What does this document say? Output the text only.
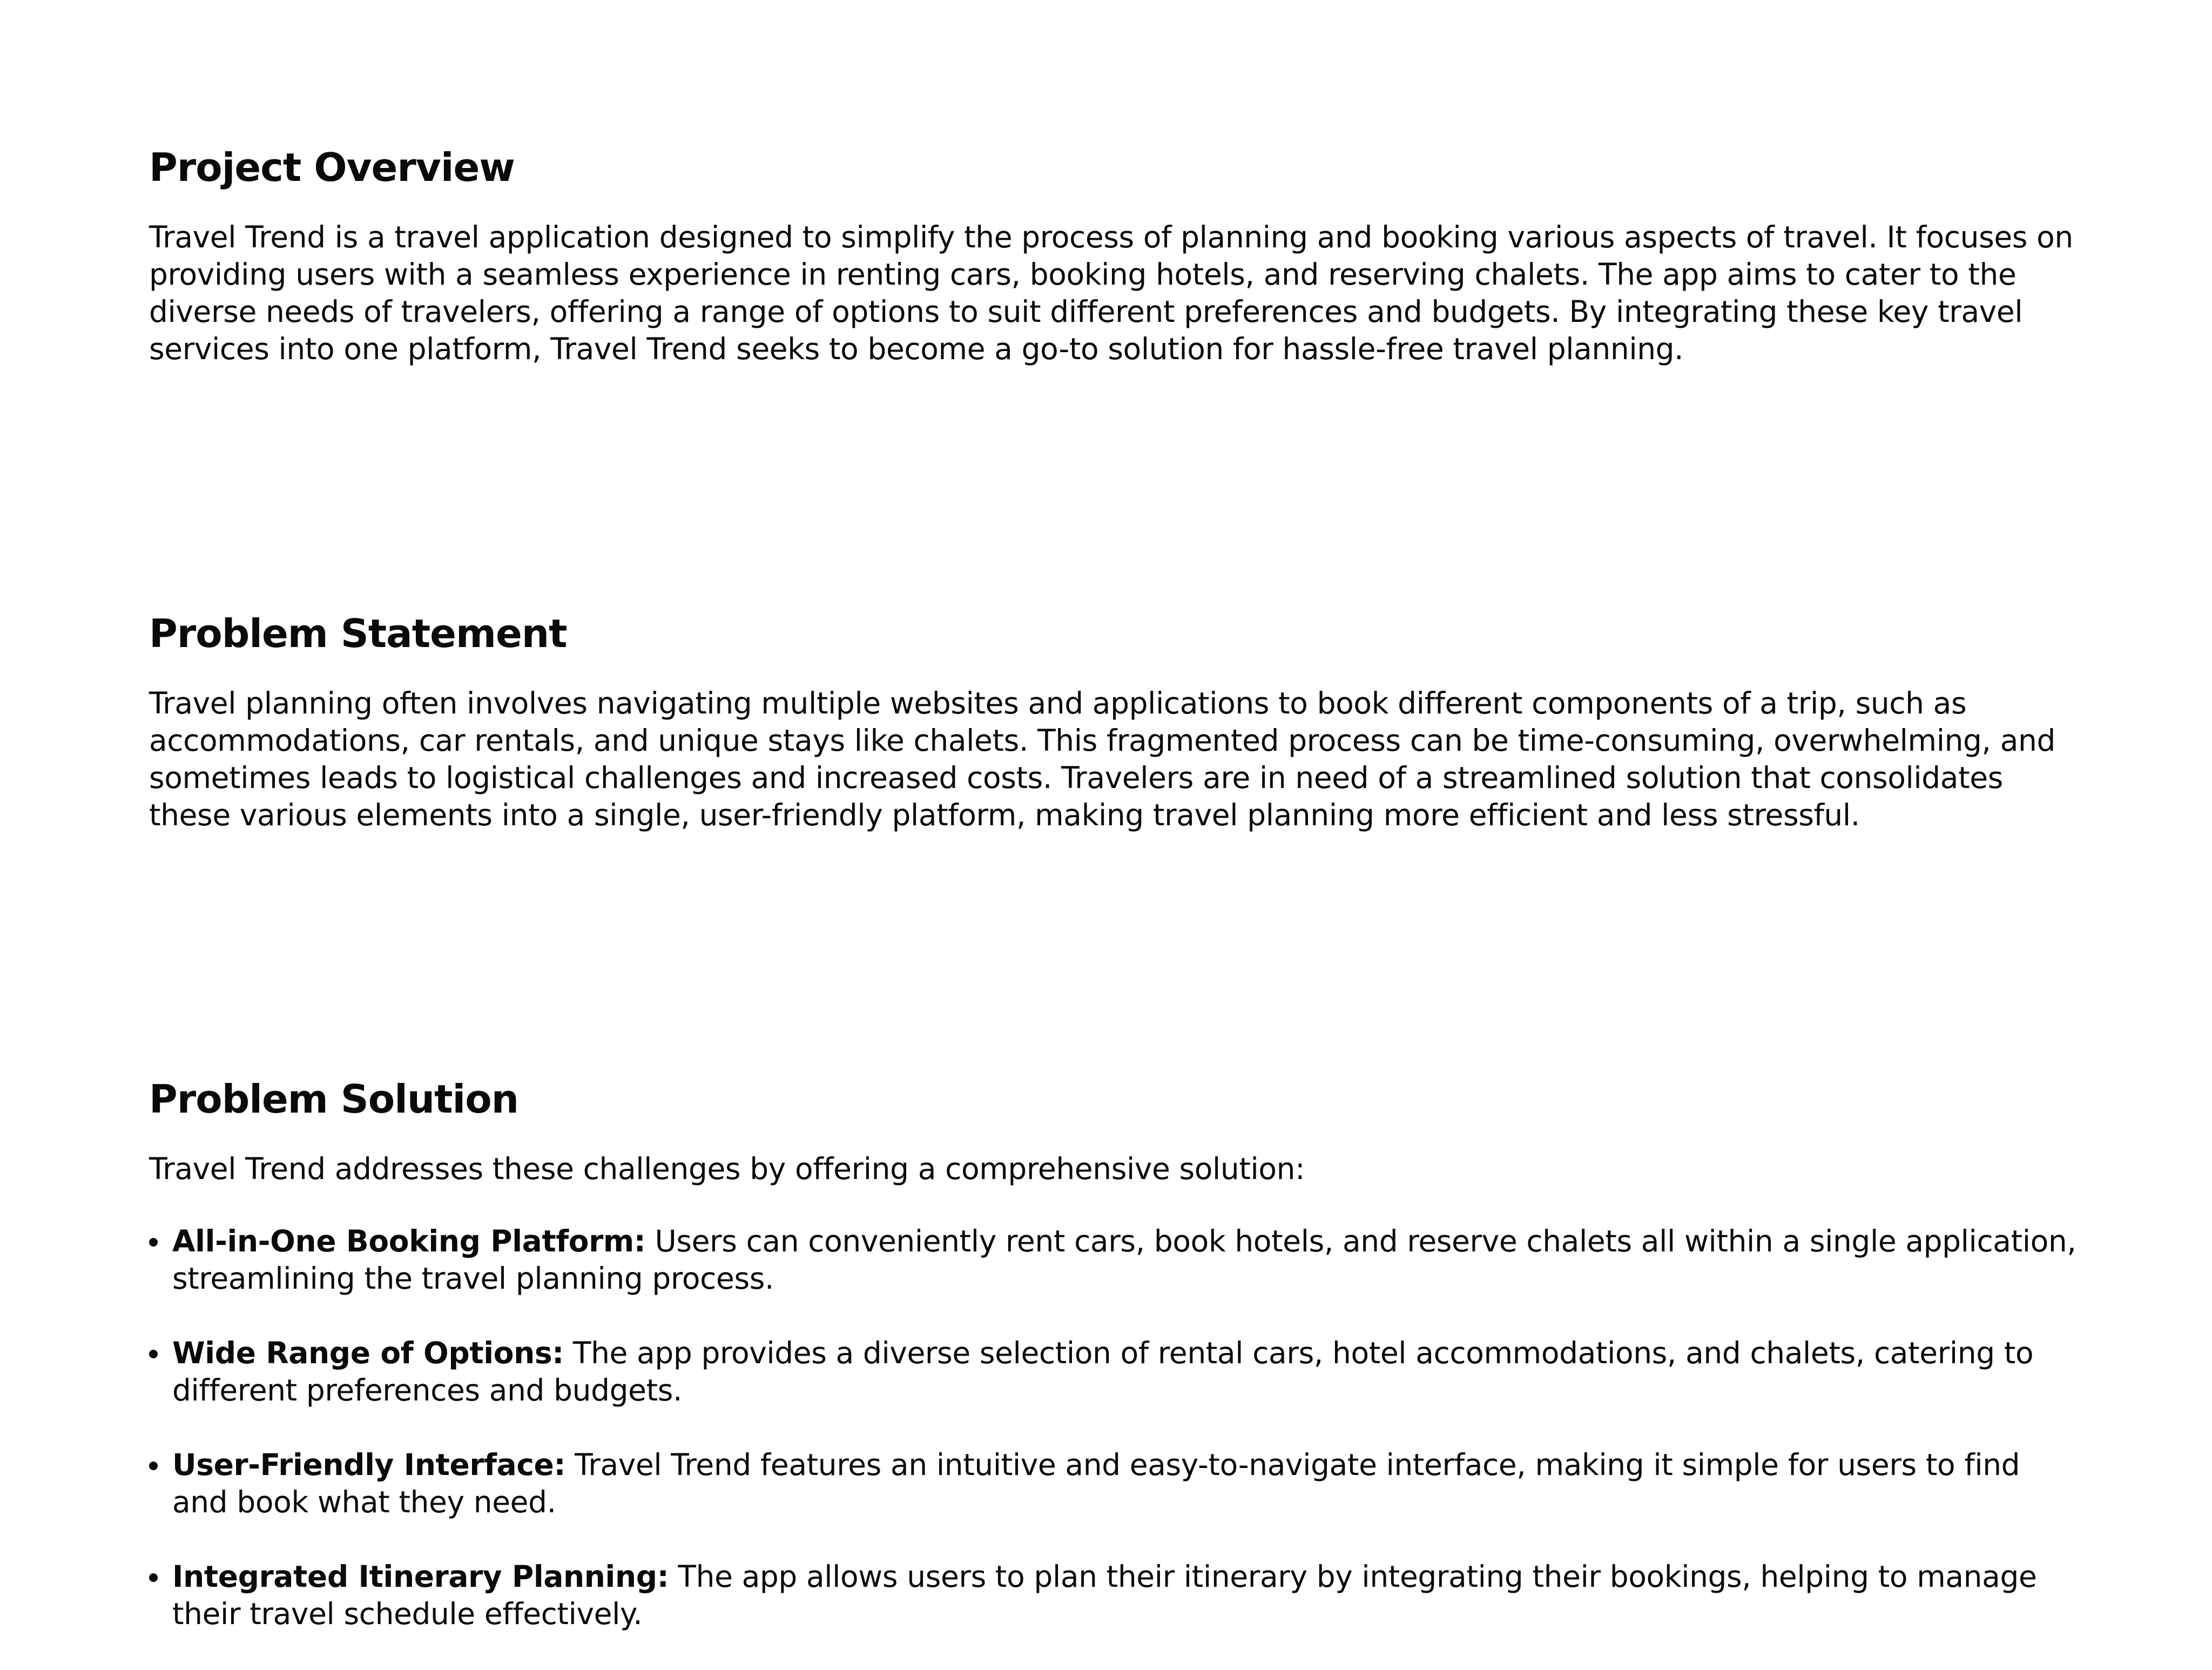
Project Overview

Travel Trend is a travel application designed to simplify the process of planning and booking various aspects of travel. It focuses on providing users with a seamless experience in renting cars, booking hotels, and reserving chalets. The app aims to cater to the diverse needs of travelers, offering a range of options to suit different preferences and budgets. By integrating these key travel services into one platform, Travel Trend seeks to become a go-to solution for hassle-free travel planning.

Problem Statement

Travel planning often involves navigating multiple websites and applications to book different components of a trip, such as accommodations, car rentals, and unique stays like chalets. This fragmented process can be time-consuming, overwhelming, and sometimes leads to logistical challenges and increased costs. Travelers are in need of a streamlined solution that consolidates these various elements into a single, user-friendly platform, making travel planning more efficient and less stressful.

Problem Solution

Travel Trend addresses these challenges by offering a comprehensive solution:

All-in-One Booking Platform: Users can conveniently rent cars, book hotels, and reserve chalets all within a single application, streamlining the travel planning process.
Wide Range of Options: The app provides a diverse selection of rental cars, hotel accommodations, and chalets, catering to different preferences and budgets.
User-Friendly Interface: Travel Trend features an intuitive and easy-to-navigate interface, making it simple for users to find and book what they need.
Integrated Itinerary Planning: The app allows users to plan their itinerary by integrating their bookings, helping to manage their travel schedule effectively.
